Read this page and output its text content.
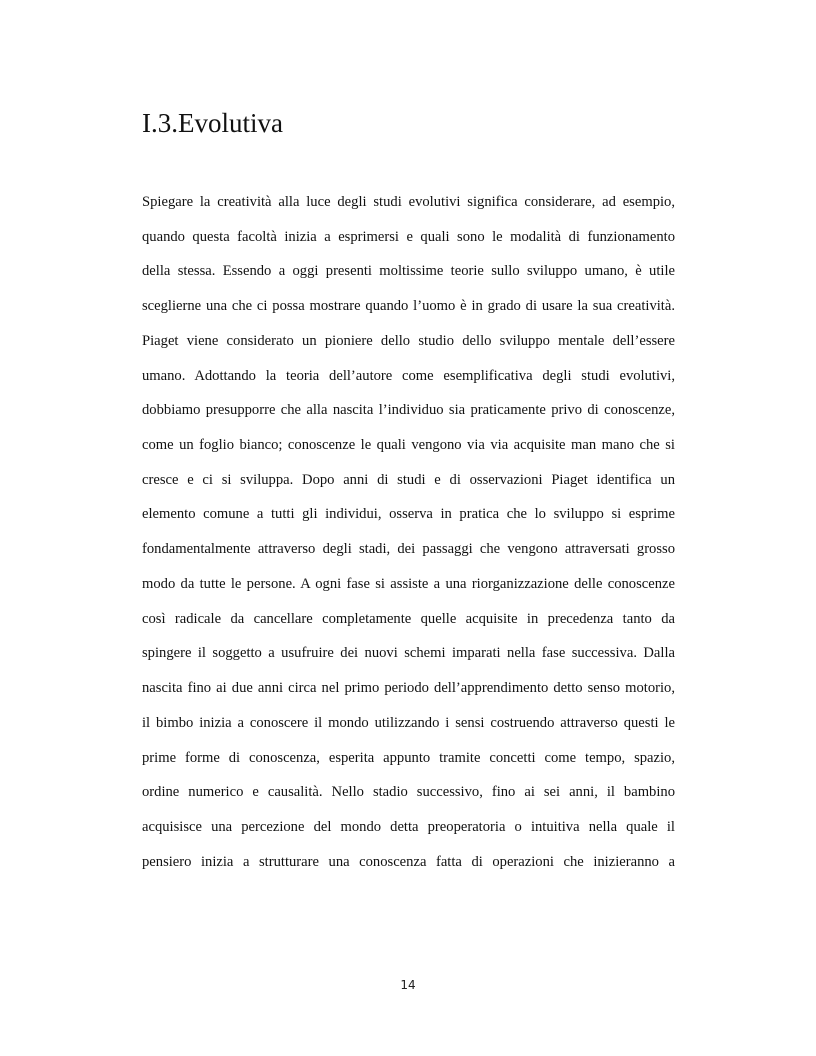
I.3.Evolutiva
Spiegare la creatività alla luce degli studi evolutivi significa considerare, ad esempio,
quando questa facoltà inizia a esprimersi e quali sono le modalità di funzionamento
della stessa. Essendo a oggi presenti moltissime teorie sullo sviluppo umano, è utile
sceglierne una che ci possa mostrare quando l’uomo è in grado di usare la sua creatività.
Piaget viene considerato un pioniere dello studio dello sviluppo mentale dell’essere
umano. Adottando la teoria dell’autore come esemplificativa degli studi evolutivi,
dobbiamo presupporre che alla nascita l’individuo sia praticamente privo di conoscenze,
come un foglio bianco; conoscenze le quali vengono via via acquisite man mano che si
cresce e ci si sviluppa. Dopo anni di studi e di osservazioni Piaget identifica un
elemento comune a tutti gli individui, osserva in pratica che lo sviluppo si esprime
fondamentalmente attraverso degli stadi, dei passaggi che vengono attraversati grosso
modo da tutte le persone. A ogni fase si assiste a una riorganizzazione delle conoscenze
così radicale da cancellare completamente quelle acquisite in precedenza tanto da
spingere il soggetto a usufruire dei nuovi schemi imparati nella fase successiva. Dalla
nascita fino ai due anni circa nel primo periodo dell’apprendimento detto senso motorio,
il bimbo inizia a conoscere il mondo utilizzando i sensi costruendo attraverso questi le
prime forme di conoscenza, esperita appunto tramite concetti come tempo, spazio,
ordine numerico e causalità. Nello stadio successivo, fino ai sei anni, il bambino
acquisisce una percezione del mondo detta preoperatoria o intuitiva nella quale il
pensiero inizia a strutturare una conoscenza fatta di operazioni che inizieranno a
14
